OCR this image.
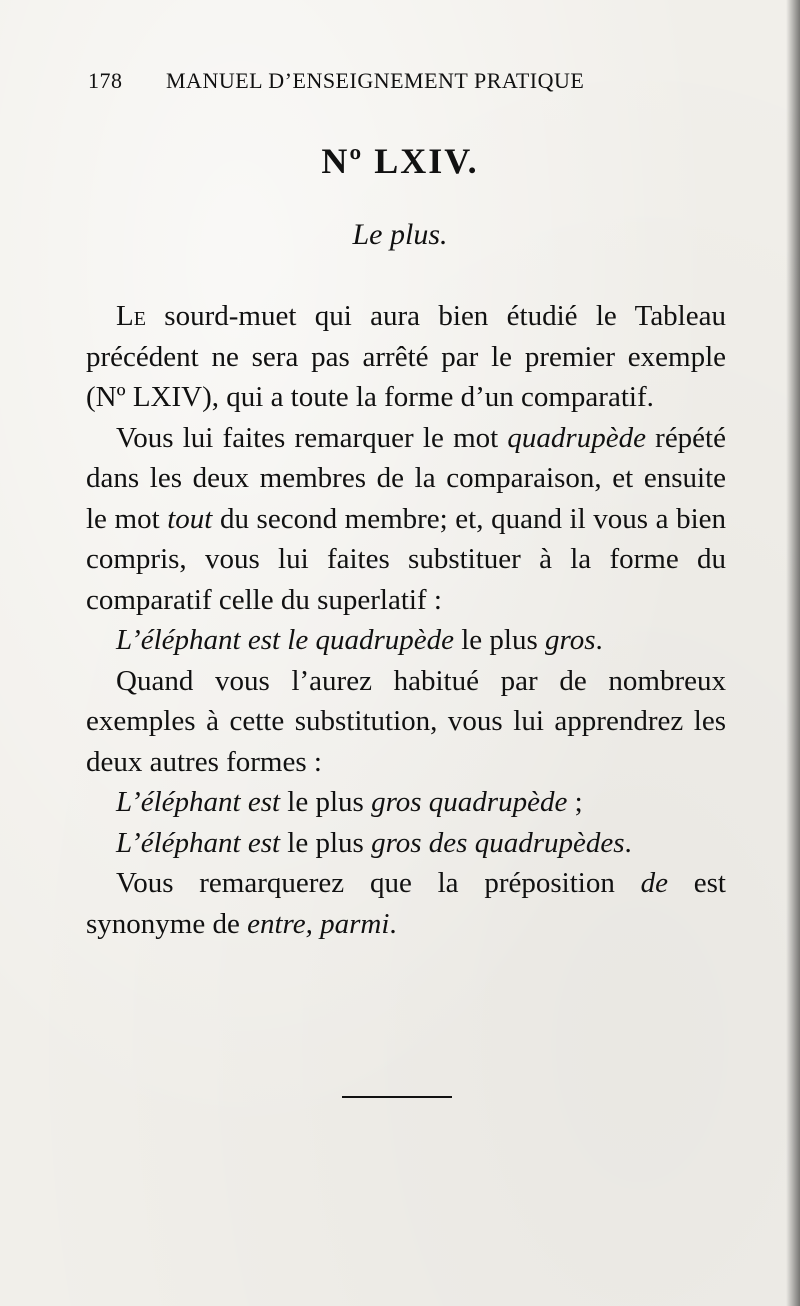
178 MANUEL D’ENSEIGNEMENT PRATIQUE
Nº LXIV.
Le plus.

Le sourd-muet qui aura bien étudié le Tableau précédent ne sera pas arrêté par le premier exemple (Nº LXIV), qui a toute la forme d’un comparatif.

Vous lui faites remarquer le mot quadrupède répété dans les deux membres de la comparaison, et ensuite le mot tout du second membre; et, quand il vous a bien compris, vous lui faites substituer à la forme du comparatif celle du superlatif :

L’éléphant est le quadrupède le plus gros.

Quand vous l’aurez habitué par de nombreux exemples à cette substitution, vous lui apprendrez les deux autres formes :

L’éléphant est le plus gros quadrupède ;

L’éléphant est le plus gros des quadrupèdes.

Vous remarquerez que la préposition de est synonyme de entre, parmi.
